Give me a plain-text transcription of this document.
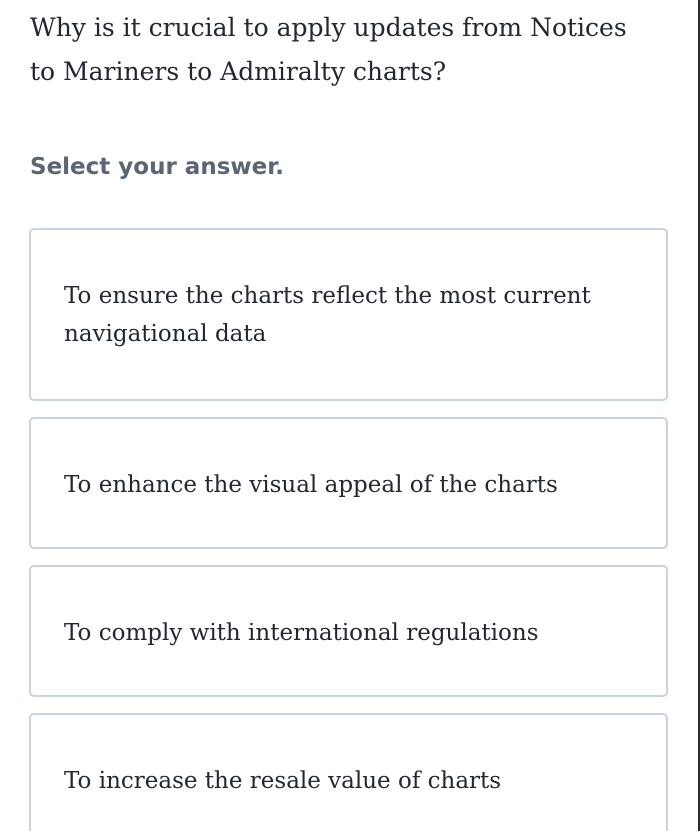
Why is it crucial to apply updates from Notices to Mariners to Admiralty charts?

Select your answer.

To ensure the charts reflect the most current navigational data
To enhance the visual appeal of the charts
To comply with international regulations
To increase the resale value of charts
